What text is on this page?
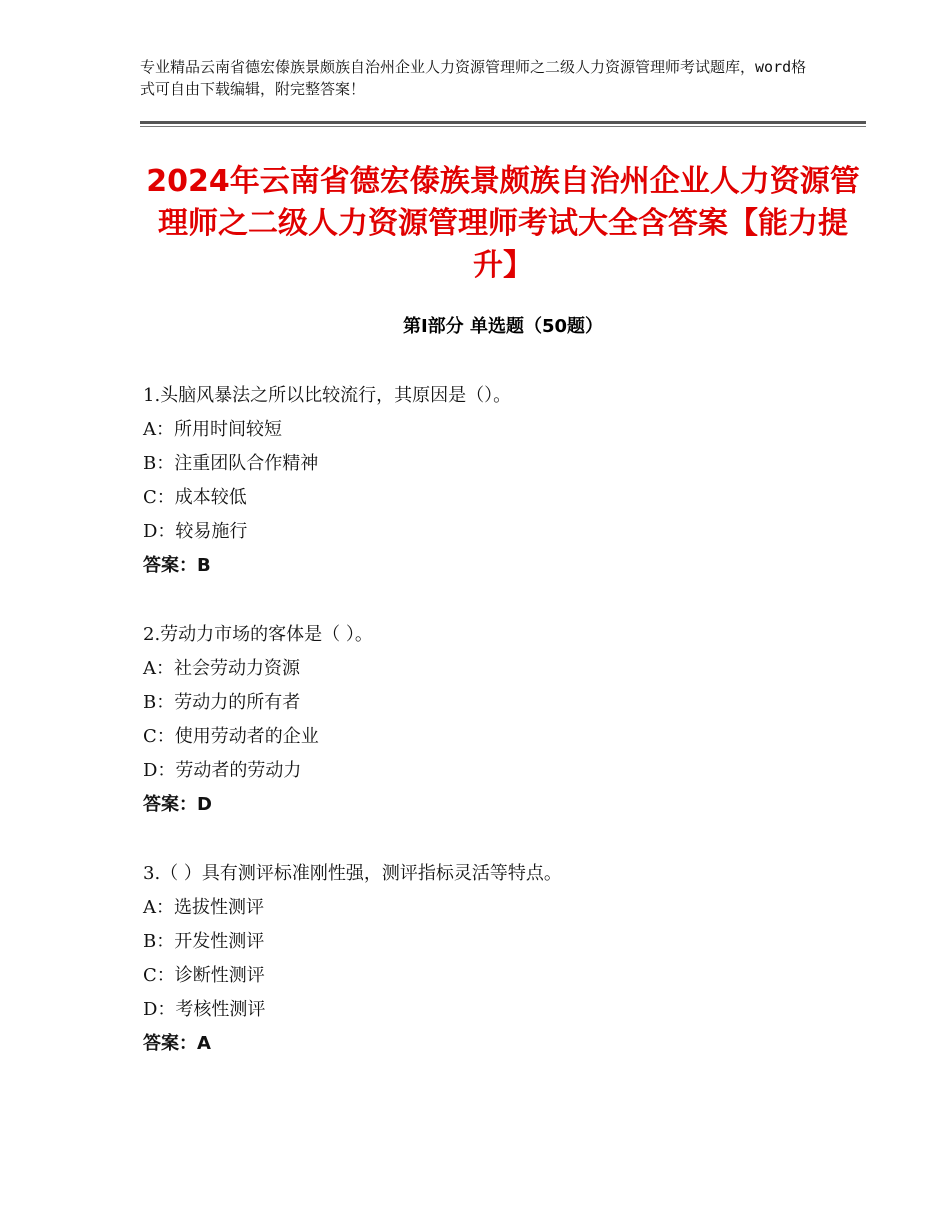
专业精品云南省德宏傣族景颇族自治州企业人力资源管理师之二级人力资源管理师考试题库，word格式可自由下载编辑，附完整答案！
2024年云南省德宏傣族景颇族自治州企业人力资源管理师之二级人力资源管理师考试大全含答案【能力提升】
第Ⅰ部分 单选题（50题）
1.头脑风暴法之所以比较流行，其原因是（）。
A：所用时间较短
B：注重团队合作精神
C：成本较低
D：较易施行
答案：B
2.劳动力市场的客体是（ ）。
A：社会劳动力资源
B：劳动力的所有者
C：使用劳动者的企业
D：劳动者的劳动力
答案：D
3.（ ）具有测评标准刚性强，测评指标灵活等特点。
A：选拔性测评
B：开发性测评
C：诊断性测评
D：考核性测评
答案：A
